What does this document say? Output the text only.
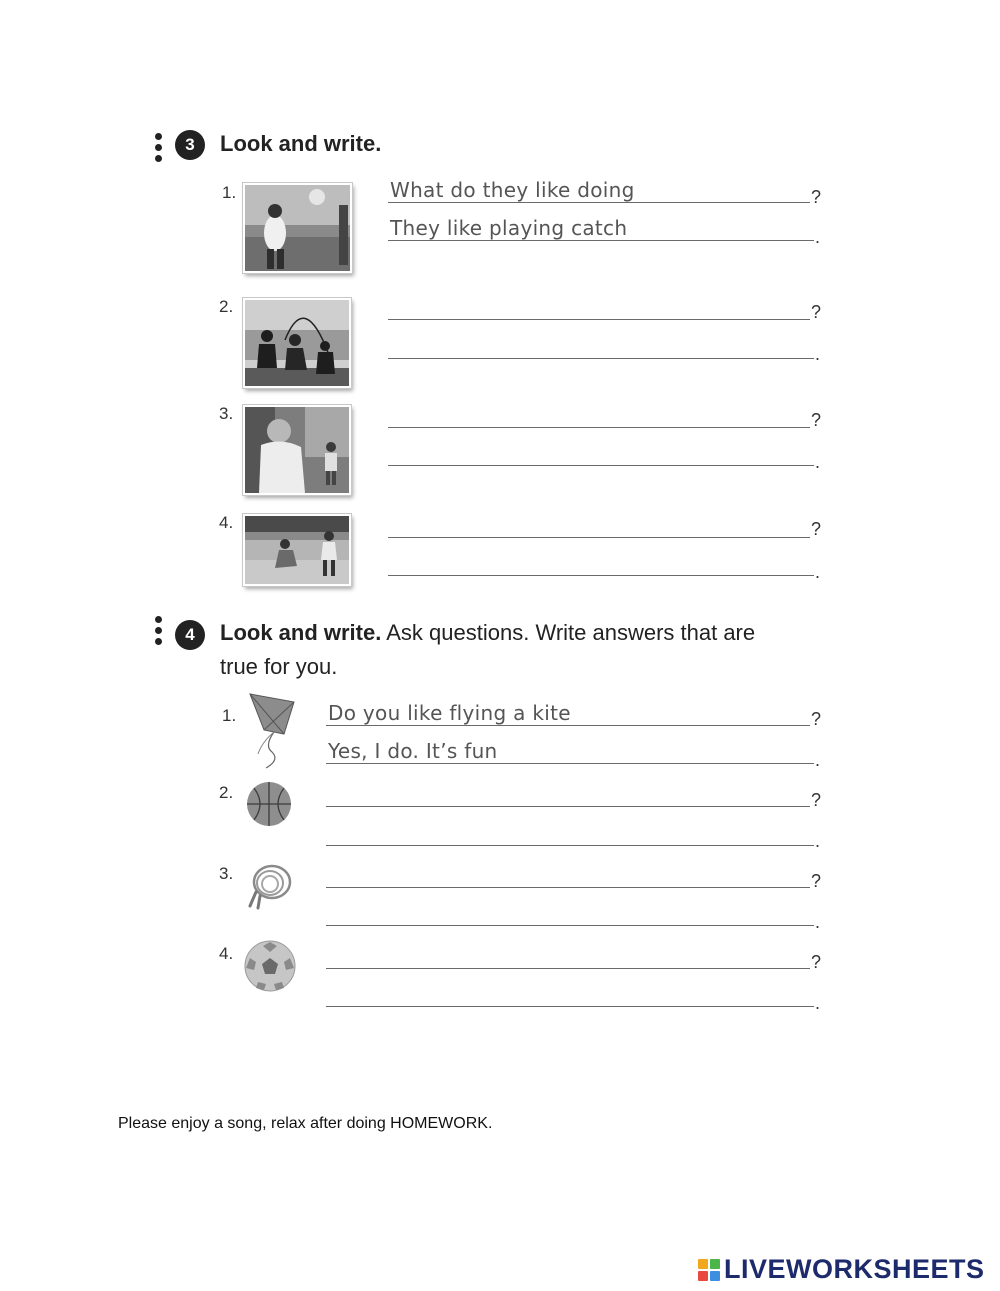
3	Look and write.
1.	What do they like doing	?
They like playing catch	.
2.	?
.
3.	?
.
4.	?
.
4	Look and write. Ask questions. Write answers that are
true for you.
1.	Do you like flying a kite	?
Yes, I do. It’s fun	.
2.	?
.
3.	?
.
4.	?
.
Please enjoy a song, relax after doing HOMEWORK.
LIVEWORKSHEETS
